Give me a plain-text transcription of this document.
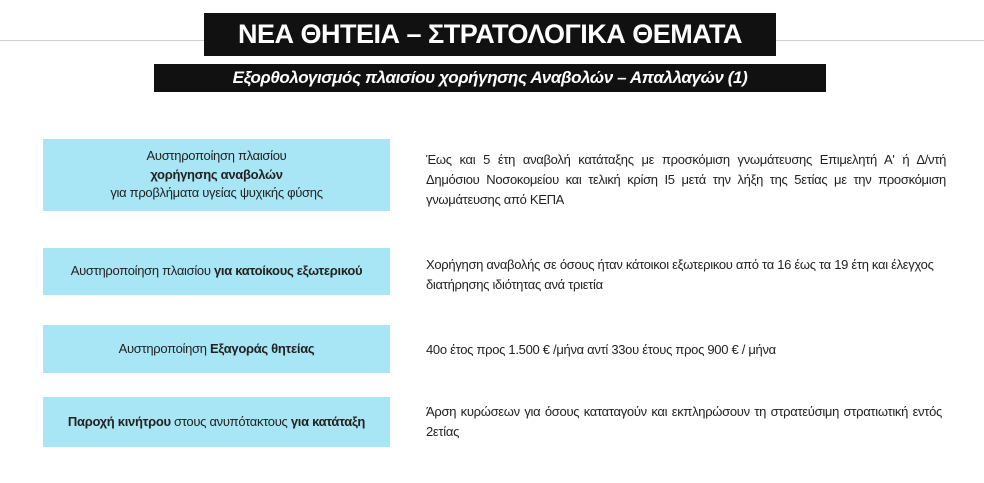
ΝΕΑ ΘΗΤΕΙΑ – ΣΤΡΑΤΟΛΟΓΙΚΑ ΘΕΜΑΤΑ
Εξορθολογισμός πλαισίου χορήγησης Αναβολών – Απαλλαγών (1)
Αυστηροποίηση πλαισίου
χορήγησης αναβολών
για προβλήματα υγείας ψυχικής φύσης
Έως και 5 έτη αναβολή κατάταξης με προσκόμιση γνωμάτευσης Επιμελητή Α' ή Δ/ντή Δημόσιου Νοσοκομείου και τελική κρίση Ι5 μετά την λήξη της 5ετίας με την προσκόμιση γνωμάτευσης από ΚΕΠΑ
Αυστηροποίηση πλαισίου για κατοίκους εξωτερικού	Χορήγηση αναβολής σε όσους ήταν κάτοικοι εξωτερικου από τα 16 έως τα 19 έτη και έλεγχος διατήρησης ιδιότητας ανά τριετία
Αυστηροποίηση Εξαγοράς θητείας	40ο έτος προς 1.500 € /μήνα αντί 33ου έτους προς 900 € / μήνα
Παροχή κινήτρου στους ανυπότακτους για κατάταξη
Άρση κυρώσεων για όσους καταταγούν και εκπληρώσουν τη στρατεύσιμη στρατιωτική εντός 2ετίας
